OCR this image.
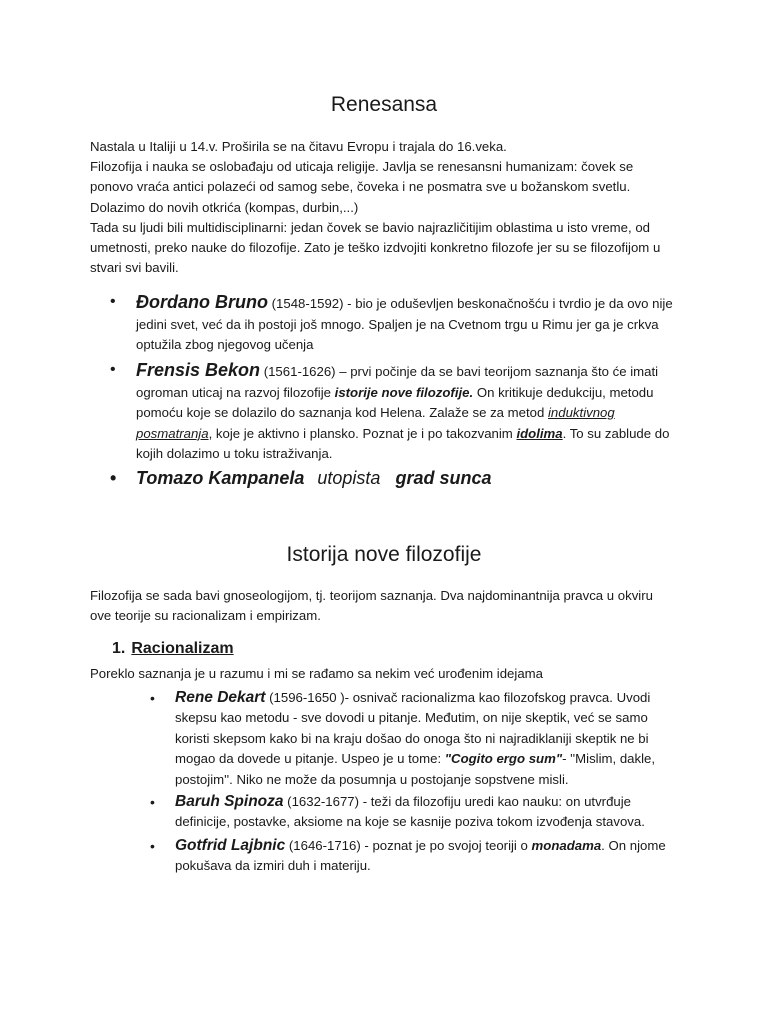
Renesansa
Nastala u Italiji u 14.v. Proširila se na čitavu Evropu i trajala do 16.veka.
Filozofija i nauka se oslobađaju od uticaja religije. Javlja se renesansni humanizam: čovek se ponovo vraća antici polazeći od samog sebe, čoveka i ne posmatra sve u božanskom svetlu. Dolazimo do novih otkrića (kompas, durbin,...)
Tada su ljudi bili multidisciplinarni: jedan čovek se bavio najrazličitijim oblastima u isto vreme, od umetnosti, preko nauke do filozofije. Zato je teško izdvojiti konkretno filozofe jer su se filozofijom u stvari svi bavili.
• Đordano Bruno (1548-1592) - bio je oduševljen beskonačnošću i tvrdio je da ovo nije jedini svet, već da ih postoji još mnogo. Spaljen je na Cvetnom trgu u Rimu jer ga je crkva optužila zbog njegovog učenja
• Frensis Bekon (1561-1626) – prvi počinje da se bavi teorijom saznanja što će imati ogroman uticaj na razvoj filozofije istorije nove filozofije. On kritikuje dedukciju, metodu pomoću koje se dolazilo do saznanja kod Helena. Zalaže se za metod induktivnog posmatranja, koje je aktivno i plansko. Poznat je i po takozvanim idolima. To su zablude do kojih dolazimo u toku istraživanja.
• Tomazo Kampanela utopista grad sunca
Istorija nove filozofije
Filozofija se sada bavi gnoseologijom, tj. teorijom saznanja. Dva najdominantnija pravca u okviru ove teorije su racionalizam i empirizam.
1. Racionalizam
Poreklo saznanja je u razumu i mi se rađamo sa nekim već urođenim idejama
• Rene Dekart (1596-1650 )- osnivač racionalizma kao filozofskog pravca. Uvodi skepsu kao metodu - sve dovodi u pitanje. Međutim, on nije skeptik, već se samo koristi skepsom kako bi na kraju došao do onoga što ni najradiklaniji skeptik ne bi mogao da dovede u pitanje. Uspeo je u tome: "Cogito ergo sum"- ''Mislim, dakle, postojim''. Niko ne može da posumnja u postojanje sopstvene misli.
• Baruh Spinoza (1632-1677) - teži da filozofiju uredi kao nauku: on utvrđuje definicije, postavke, aksiome na koje se kasnije poziva tokom izvođenja stavova.
• Gotfrid Lajbnic (1646-1716) - poznat je po svojoj teoriji o monadama. On njome pokušava da izmiri duh i materiju.
